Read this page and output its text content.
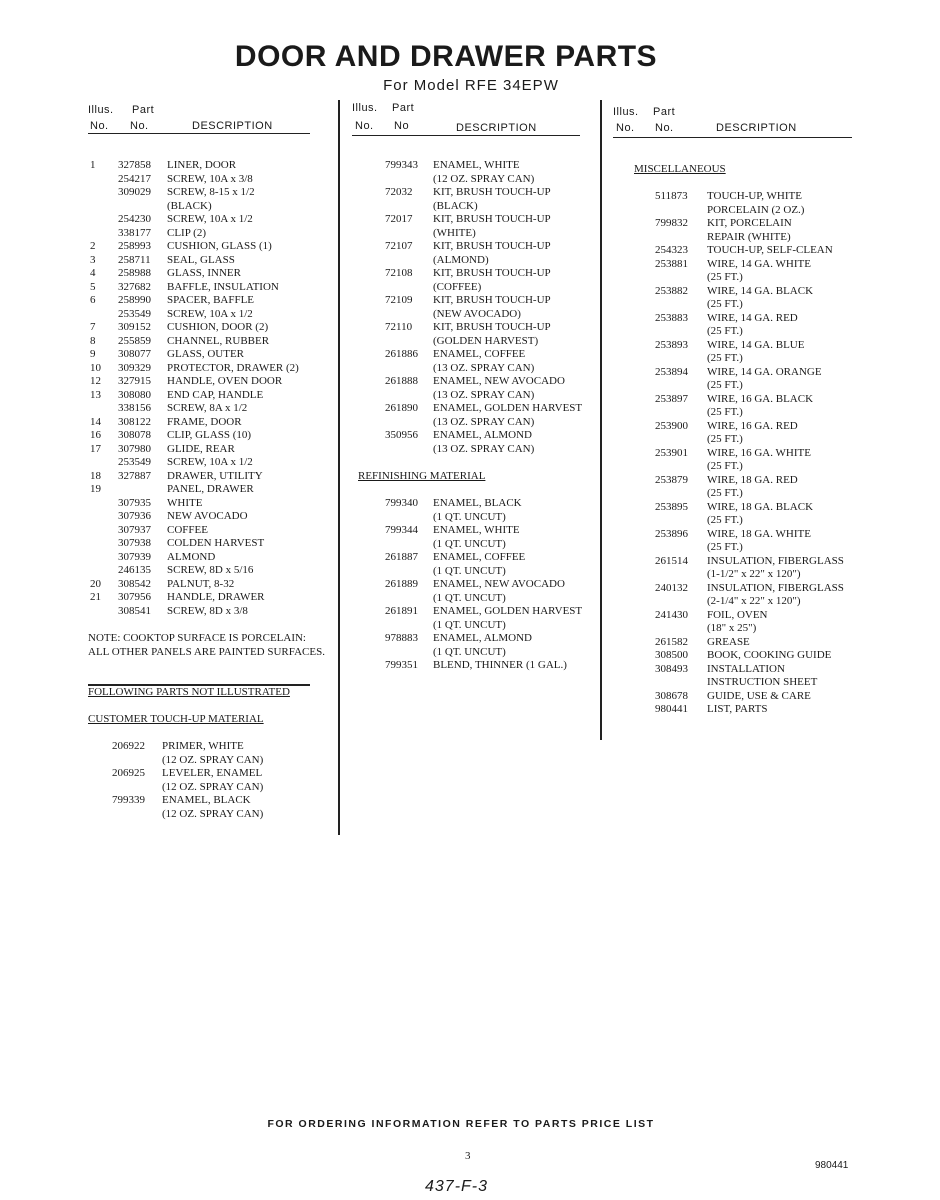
DOOR AND DRAWER PARTS
For Model RFE 34EPW
Illus. Part
No. No.	DESCRIPTION
Illus. Part
No. No	DESCRIPTION
Illus. Part
No. No.	DESCRIPTION
1 327858 LINER, DOOR
254217 SCREW, 10A x 3/8
309029 SCREW, 8-15 x 1/2
(BLACK)
254230 SCREW, 10A x 1/2
338177 CLIP (2)
2 258993 CUSHION, GLASS (1)
3 258711 SEAL, GLASS
4 258988 GLASS, INNER
5 327682 BAFFLE, INSULATION
6 258990 SPACER, BAFFLE
253549 SCREW, 10A x 1/2
7 309152 CUSHION, DOOR (2)
8 255859 CHANNEL, RUBBER
9 308077 GLASS, OUTER
10 309329 PROTECTOR, DRAWER (2)
12 327915 HANDLE, OVEN DOOR
13 308080 END CAP, HANDLE
338156 SCREW, 8A x 1/2
14 308122 FRAME, DOOR
16 308078 CLIP, GLASS (10)
17 307980 GLIDE, REAR
253549 SCREW, 10A x 1/2
18 327887 DRAWER, UTILITY
19	PANEL, DRAWER
307935 WHITE
307936 NEW AVOCADO
307937 COFFEE
307938 COLDEN HARVEST
307939 ALMOND
246135 SCREW, 8D x 5/16
20 308542 PALNUT, 8-32
21 307956 HANDLE, DRAWER
308541 SCREW, 8D x 3/8
NOTE: COOKTOP SURFACE IS PORCELAIN: ALL OTHER PANELS ARE PAINTED SURFACES.
FOLLOWING PARTS NOT ILLUSTRATED
CUSTOMER TOUCH-UP MATERIAL
206922 PRIMER, WHITE
(12 OZ. SPRAY CAN)
206925 LEVELER, ENAMEL
(12 OZ. SPRAY CAN)
799339 ENAMEL, BLACK
(12 OZ. SPRAY CAN)
799343 ENAMEL, WHITE
(12 OZ. SPRAY CAN)
72032 KIT, BRUSH TOUCH-UP
(BLACK)
72017 KIT, BRUSH TOUCH-UP
(WHITE)
72107 KIT, BRUSH TOUCH-UP
(ALMOND)
72108 KIT, BRUSH TOUCH-UP
(COFFEE)
72109 KIT, BRUSH TOUCH-UP
(NEW AVOCADO)
72110 KIT, BRUSH TOUCH-UP
(GOLDEN HARVEST)
261886 ENAMEL, COFFEE
(13 OZ. SPRAY CAN)
261888 ENAMEL, NEW AVOCADO
(13 OZ. SPRAY CAN)
261890 ENAMEL, GOLDEN HARVEST
(13 OZ. SPRAY CAN)
350956 ENAMEL, ALMOND
(13 OZ. SPRAY CAN)
REFINISHING MATERIAL
799340 ENAMEL, BLACK
(1 QT. UNCUT)
799344 ENAMEL, WHITE
(1 QT. UNCUT)
261887 ENAMEL, COFFEE
(1 QT. UNCUT)
261889 ENAMEL, NEW AVOCADO
(1 QT. UNCUT)
261891 ENAMEL, GOLDEN HARVEST
(1 QT. UNCUT)
978883 ENAMEL, ALMOND
(1 QT. UNCUT)
799351 BLEND, THINNER (1 GAL.)
MISCELLANEOUS
511873 TOUCH-UP, WHITE
PORCELAIN (2 OZ.)
799832 KIT, PORCELAIN
REPAIR (WHITE)
254323 TOUCH-UP, SELF-CLEAN
253881 WIRE, 14 GA. WHITE
(25 FT.)
253882 WIRE, 14 GA. BLACK
(25 FT.)
253883 WIRE, 14 GA. RED
(25 FT.)
253893 WIRE, 14 GA. BLUE
(25 FT.)
253894 WIRE, 14 GA. ORANGE
(25 FT.)
253897 WIRE, 16 GA. BLACK
(25 FT.)
253900 WIRE, 16 GA. RED
(25 FT.)
253901 WIRE, 16 GA. WHITE
(25 FT.)
253879 WIRE, 18 GA. RED
(25 FT.)
253895 WIRE, 18 GA. BLACK
(25 FT.)
253896 WIRE, 18 GA. WHITE
(25 FT.)
261514 INSULATION, FIBERGLASS
(1-1/2" x 22" x 120")
240132 INSULATION, FIBERGLASS
(2-1/4" x 22" x 120")
241430 FOIL, OVEN
(18" x 25")
261582 GREASE
308500 BOOK, COOKING GUIDE
308493 INSTALLATION
INSTRUCTION SHEET
308678 GUIDE, USE & CARE
980441 LIST, PARTS
FOR ORDERING INFORMATION REFER TO PARTS PRICE LIST
3
980441
437-F-3
